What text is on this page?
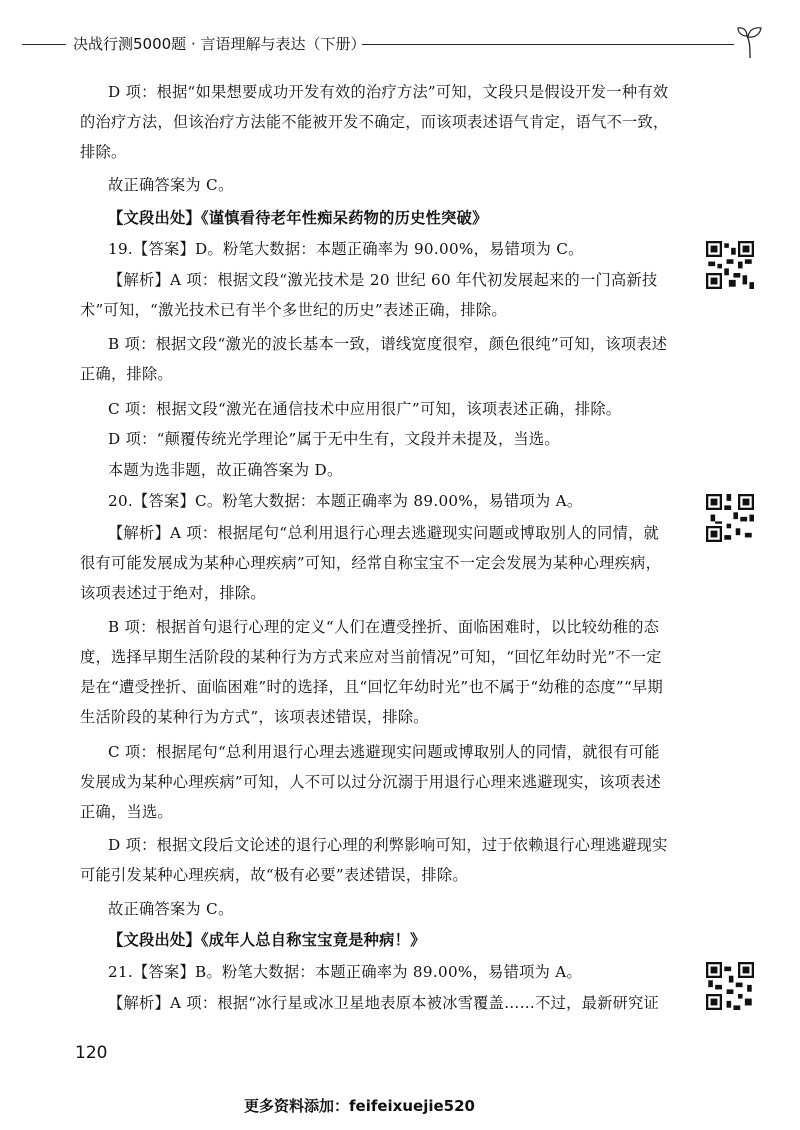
决战行测5000题 · 言语理解与表达（下册）
D 项：根据“如果想要成功开发有效的治疗方法”可知，文段只是假设开发一种有效的治疗方法，但该治疗方法能不能被开发不确定，而该项表述语气肯定，语气不一致，排除。
故正确答案为 C。
【文段出处】《谨慎看待老年性痴呆药物的历史性突破》
19.【答案】D。粉笔大数据：本题正确率为 90.00%，易错项为 C。
【解析】A 项：根据文段“激光技术是 20 世纪 60 年代初发展起来的一门高新技术”可知，“激光技术已有半个多世纪的历史”表述正确，排除。
B 项：根据文段“激光的波长基本一致，谱线宽度很窄，颜色很纯”可知，该项表述正确，排除。
C 项：根据文段“激光在通信技术中应用很广”可知，该项表述正确，排除。
D 项：“颠覆传统光学理论”属于无中生有，文段并未提及，当选。
本题为选非题，故正确答案为 D。
20.【答案】C。粉笔大数据：本题正确率为 89.00%，易错项为 A。
【解析】A 项：根据尾句“总利用退行心理去逃避现实问题或博取别人的同情，就很有可能发展成为某种心理疾病”可知，经常自称宝宝不一定会发展为某种心理疾病，该项表述过于绝对，排除。
B 项：根据首句退行心理的定义“人们在遭受挫折、面临困难时，以比较幼稚的态度，选择早期生活阶段的某种行为方式来应对当前情况”可知，“回忆年幼时光”不一定是在“遭受挫折、面临困难”时的选择，且“回忆年幼时光”也不属于“幼稚的态度”“早期生活阶段的某种行为方式”，该项表述错误，排除。
C 项：根据尾句“总利用退行心理去逃避现实问题或博取别人的同情，就很有可能发展成为某种心理疾病”可知，人不可以过分沉溺于用退行心理来逃避现实，该项表述正确，当选。
D 项：根据文段后文论述的退行心理的利弊影响可知，过于依赖退行心理逃避现实可能引发某种心理疾病，故“极有必要”表述错误，排除。
故正确答案为 C。
【文段出处】《成年人总自称宝宝竟是种病！》
21.【答案】B。粉笔大数据：本题正确率为 89.00%，易错项为 A。
【解析】A 项：根据“冰行星或冰卫星地表原本被冰雪覆盖……不过，最新研究证
120
更多资料添加：feifeixuejie520
